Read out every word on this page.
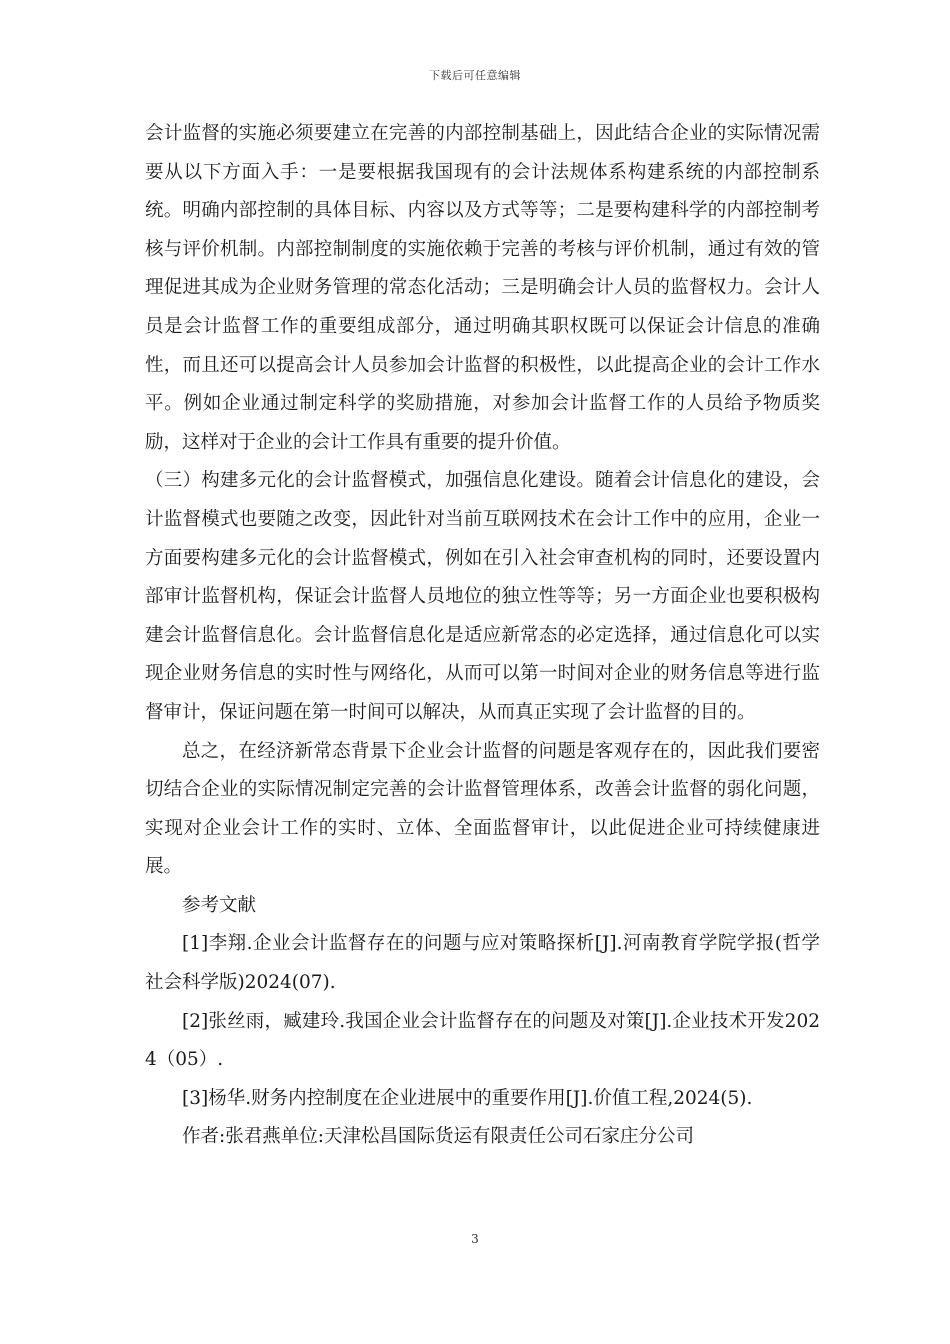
下载后可任意编辑

会计监督的实施必须要建立在完善的内部控制基础上，因此结合企业的实际情况需要从以下方面入手：一是要根据我国现有的会计法规体系构建系统的内部控制系统。明确内部控制的具体目标、内容以及方式等等；二是要构建科学的内部控制考核与评价机制。内部控制制度的实施依赖于完善的考核与评价机制，通过有效的管理促进其成为企业财务管理的常态化活动；三是明确会计人员的监督权力。会计人员是会计监督工作的重要组成部分，通过明确其职权既可以保证会计信息的准确性，而且还可以提高会计人员参加会计监督的积极性，以此提高企业的会计工作水平。例如企业通过制定科学的奖励措施，对参加会计监督工作的人员给予物质奖励，这样对于企业的会计工作具有重要的提升价值。

（三）构建多元化的会计监督模式，加强信息化建设。随着会计信息化的建设，会计监督模式也要随之改变，因此针对当前互联网技术在会计工作中的应用，企业一方面要构建多元化的会计监督模式，例如在引入社会审查机构的同时，还要设置内部审计监督机构，保证会计监督人员地位的独立性等等；另一方面企业也要积极构建会计监督信息化。会计监督信息化是适应新常态的必定选择，通过信息化可以实现企业财务信息的实时性与网络化，从而可以第一时间对企业的财务信息等进行监督审计，保证问题在第一时间可以解决，从而真正实现了会计监督的目的。

总之，在经济新常态背景下企业会计监督的问题是客观存在的，因此我们要密切结合企业的实际情况制定完善的会计监督管理体系，改善会计监督的弱化问题，实现对企业会计工作的实时、立体、全面监督审计，以此促进企业可持续健康进展。

参考文献

[1]李翔.企业会计监督存在的问题与应对策略探析[J].河南教育学院学报(哲学社会科学版)2024(07).

[2]张丝雨，臧建玲.我国企业会计监督存在的问题及对策[J].企业技术开发2024（05）.

[3]杨华.财务内控制度在企业进展中的重要作用[J].价值工程,2024(5).

作者:张君燕单位:天津松昌国际货运有限责任公司石家庄分公司

3
